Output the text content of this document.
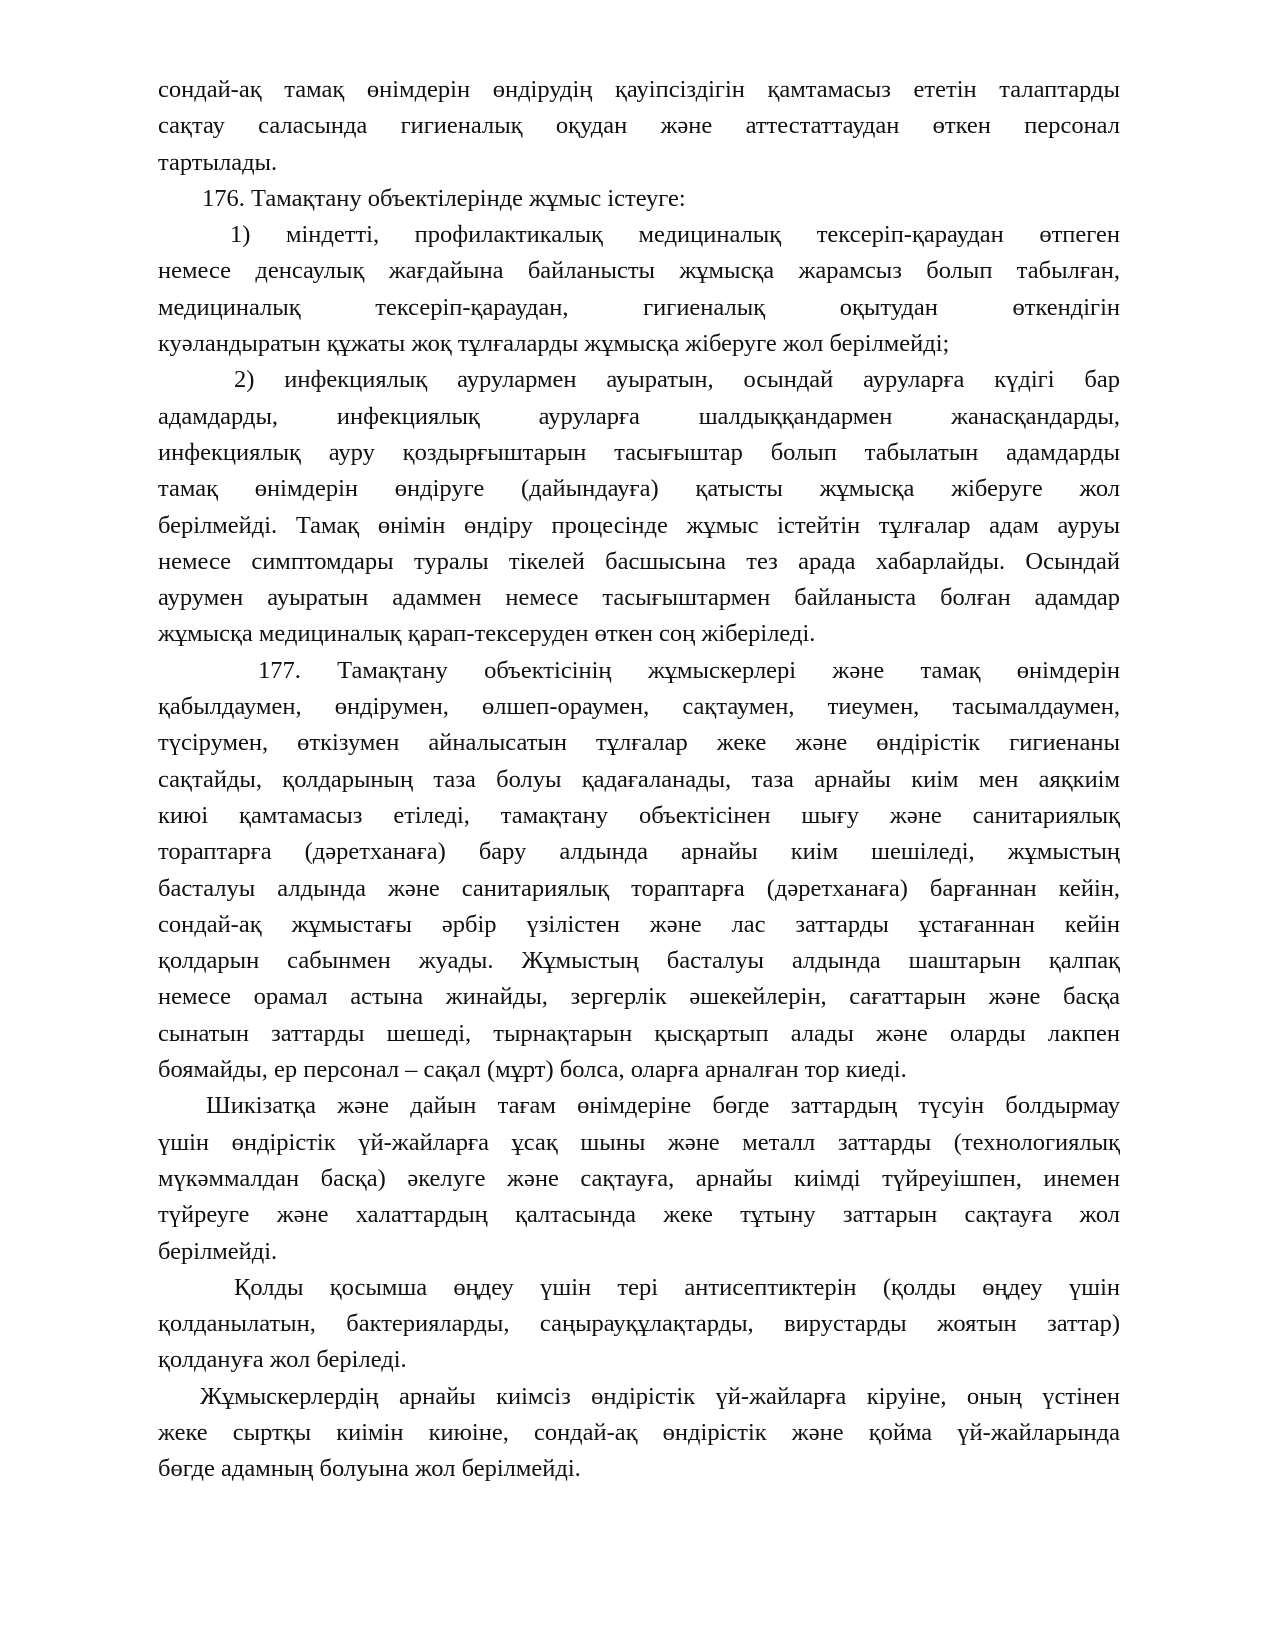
сондай-ақ тамақ өнімдерін өндірудің қауіпсіздігін қамтамасыз ететін талаптарды
сақтау саласында гигиеналық оқудан және аттестаттаудан өткен персонал
тартылады.
176. Тамақтану объектілерінде жұмыс істеуге:
1) міндетті, профилактикалық медициналық тексеріп-қараудан өтпеген
немесе денсаулық жағдайына байланысты жұмысқа жарамсыз болып табылған,
медициналық тексеріп-қараудан, гигиеналық оқытудан өткендігін
куәландыратын құжаты жоқ тұлғаларды жұмысқа жіберуге жол берілмейді;
2) инфекциялық аурулармен ауыратын, осындай ауруларға күдігі бар
адамдарды, инфекциялық ауруларға шалдыққандармен жанасқандарды,
инфекциялық ауру қоздырғыштарын тасығыштар болып табылатын адамдарды
тамақ өнімдерін өндіруге (дайындауға) қатысты жұмысқа жіберуге жол
берілмейді. Тамақ өнімін өндіру процесінде жұмыс істейтін тұлғалар адам ауруы
немесе симптомдары туралы тікелей басшысына тез арада хабарлайды. Осындай
аурумен ауыратын адаммен немесе тасығыштармен байланыста болған адамдар
жұмысқа медициналық қарап-тексеруден өткен соң жіберіледі.
177. Тамақтану объектісінің жұмыскерлері және тамақ өнімдерін
қабылдаумен, өндірумен, өлшеп-ораумен, сақтаумен, тиеумен, тасымалдаумен,
түсірумен, өткізумен айналысатын тұлғалар жеке және өндірістік гигиенаны
сақтайды, қолдарының таза болуы қадағаланады, таза арнайы киім мен аяқкиім
киюі қамтамасыз етіледі, тамақтану объектісінен шығу және санитариялық
тораптарға (дәретханаға) бару алдында арнайы киім шешіледі, жұмыстың
басталуы алдында және санитариялық тораптарға (дәретханаға) барғаннан кейін,
сондай-ақ жұмыстағы әрбір үзілістен және лас заттарды ұстағаннан кейін
қолдарын сабынмен жуады. Жұмыстың басталуы алдында шаштарын қалпақ
немесе орамал астына жинайды, зергерлік әшекейлерін, сағаттарын және басқа
сынатын заттарды шешеді, тырнақтарын қысқартып алады және оларды лакпен
боямайды, ер персонал – сақал (мұрт) болса, оларға арналған тор киеді.
Шикізатқа және дайын тағам өнімдеріне бөгде заттардың түсуін болдырмау
үшін өндірістік үй-жайларға ұсақ шыны және металл заттарды (технологиялық
мүкәммалдан басқа) әкелуге және сақтауға, арнайы киімді түйреуішпен, инемен
түйреуге және халаттардың қалтасында жеке тұтыну заттарын сақтауға жол
берілмейді.
Қолды қосымша өңдеу үшін тері антисептиктерін (қолды өңдеу үшін
қолданылатын, бактерияларды, саңырауқұлақтарды, вирустарды жоятын заттар)
қолдануға жол беріледі.
Жұмыскерлердің арнайы киімсіз өндірістік үй-жайларға кіруіне, оның үстінен
жеке сыртқы киімін киюіне, сондай-ақ өндірістік және қойма үй-жайларында
бөгде адамның болуына жол берілмейді.
